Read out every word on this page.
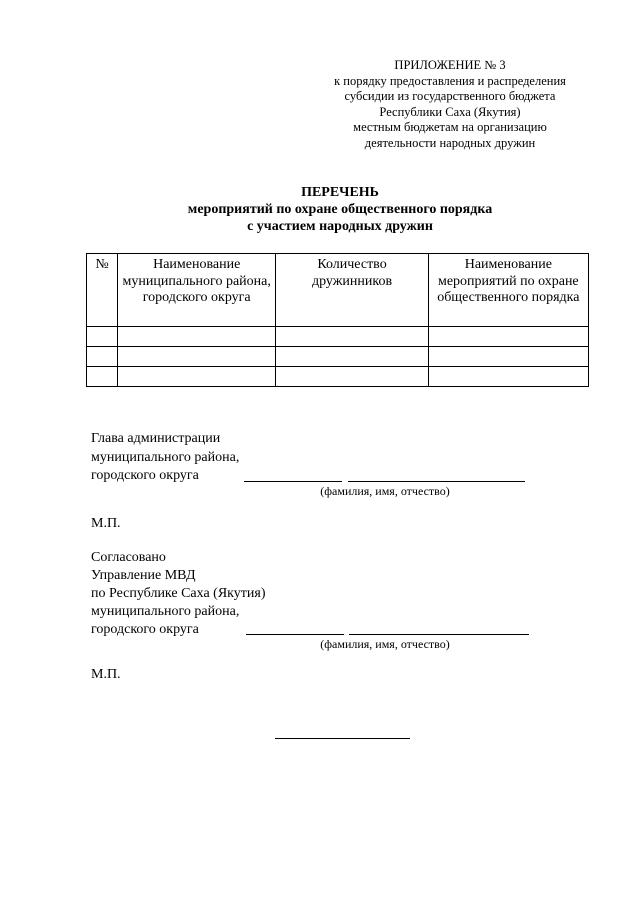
ПРИЛОЖЕНИЕ № 3
к порядку предоставления и распределения
субсидии из государственного бюджета
Республики Саха (Якутия)
местным бюджетам на организацию
деятельности народных дружин
ПЕРЕЧЕНЬ
мероприятий по охране общественного порядка
с участием народных дружин
№	Наименование муниципального района, городского округа	Количество дружинников	Наименование мероприятий по охране общественного порядка

Глава администрации
муниципального района,
городского округа
(фамилия, имя, отчество)
М.П.
Согласовано
Управление МВД
по Республике Саха (Якутия)
муниципального района,
городского округа
(фамилия, имя, отчество)
М.П.
